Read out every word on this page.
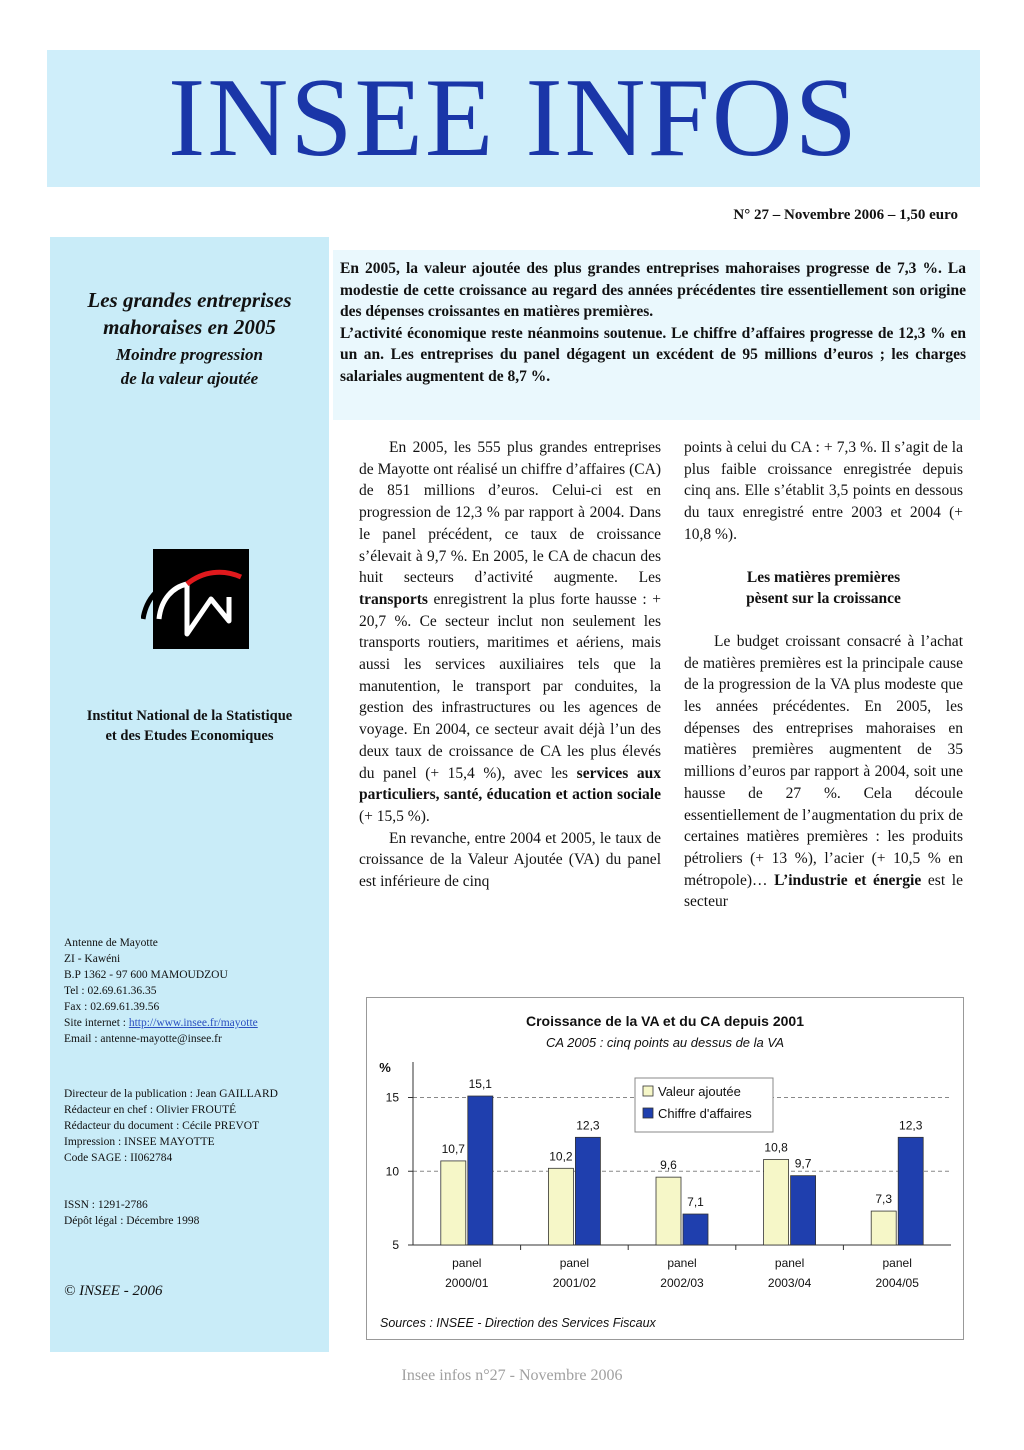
INSEE INFOS
N° 27 – Novembre 2006 – 1,50 euro
Les grandes entreprises
mahoraises en 2005
Moindre progression
de la valeur ajoutée
Institut National de la Statistique
et des Etudes Economiques
Antenne de Mayotte
ZI - Kawéni
B.P 1362 - 97 600 MAMOUDZOU
Tel : 02.69.61.36.35
Fax : 02.69.61.39.56
Site internet : http://www.insee.fr/mayotte
Email : antenne-mayotte@insee.fr
Directeur de la publication : Jean GAILLARD
Rédacteur en chef : Olivier FROUTÉ
Rédacteur du document : Cécile PREVOT
Impression : INSEE MAYOTTE
Code SAGE : II062784
ISSN : 1291-2786
Dépôt légal : Décembre 1998
© INSEE - 2006

En 2005, la valeur ajoutée des plus grandes entreprises mahoraises progresse de 7,3 %. La modestie de cette croissance au regard des années précédentes tire essentiellement son origine des dépenses croissantes en matières premières.

L’activité économique reste néanmoins soutenue. Le chiffre d’affaires progresse de 12,3 % en un an. Les entreprises du panel dégagent un excédent de 95 millions d’euros ; les charges salariales augmentent de 8,7 %.

En 2005, les 555 plus grandes entreprises de Mayotte ont réalisé un chiffre d’affaires (CA) de 851 millions d’euros. Celui-ci est en progression de 12,3 % par rapport à 2004. Dans le panel précédent, ce taux de croissance s’élevait à 9,7 %. En 2005, le CA de chacun des huit secteurs d’activité augmente. Les transports enregistrent la plus forte hausse : + 20,7 %. Ce secteur inclut non seulement les transports routiers, maritimes et aériens, mais aussi les services auxiliaires tels que la manutention, le transport par conduites, la gestion des infrastructures ou les agences de voyage. En 2004, ce secteur avait déjà l’un des deux taux de croissance de CA les plus élevés du panel (+ 15,4 %), avec les services aux particuliers, santé, éducation et action sociale (+ 15,5 %).

En revanche, entre 2004 et 2005, le taux de croissance de la Valeur Ajoutée (VA) du panel est inférieure de cinq

points à celui du CA : + 7,3 %. Il s’agit de la plus faible croissance enregistrée depuis cinq ans. Elle s’établit 3,5 points en dessous du taux enregistré entre 2003 et 2004 (+ 10,8 %).

Les matières premières
pèsent sur la croissance

Le budget croissant consacré à l’achat de matières premières est la principale cause de la progression de la VA plus modeste que les années précédentes. En 2005, les dépenses des entreprises mahoraises en matières premières augmentent de 35 millions d’euros par rapport à 2004, soit une hausse de 27 %. Cela découle essentiellement de l’augmentation du prix de certaines matières premières : les produits pétroliers (+ 13 %), l’acier (+ 10,5 % en métropole)… L’industrie et énergie est le secteur

Croissance de la VA et du CA depuis 2001
CA 2005 : cinq points au dessus de la VA
%
5
10
15
10,7
15,1
panel
2000/01
10,2
12,3
panel
2001/02
9,6
7,1
panel
2002/03
10,8
9,7
panel
2003/04
7,3
12,3
panel
2004/05
Valeur ajoutée
Chiffre d'affaires
Sources : INSEE - Direction des Services Fiscaux
Insee infos n°27 - Novembre 2006
